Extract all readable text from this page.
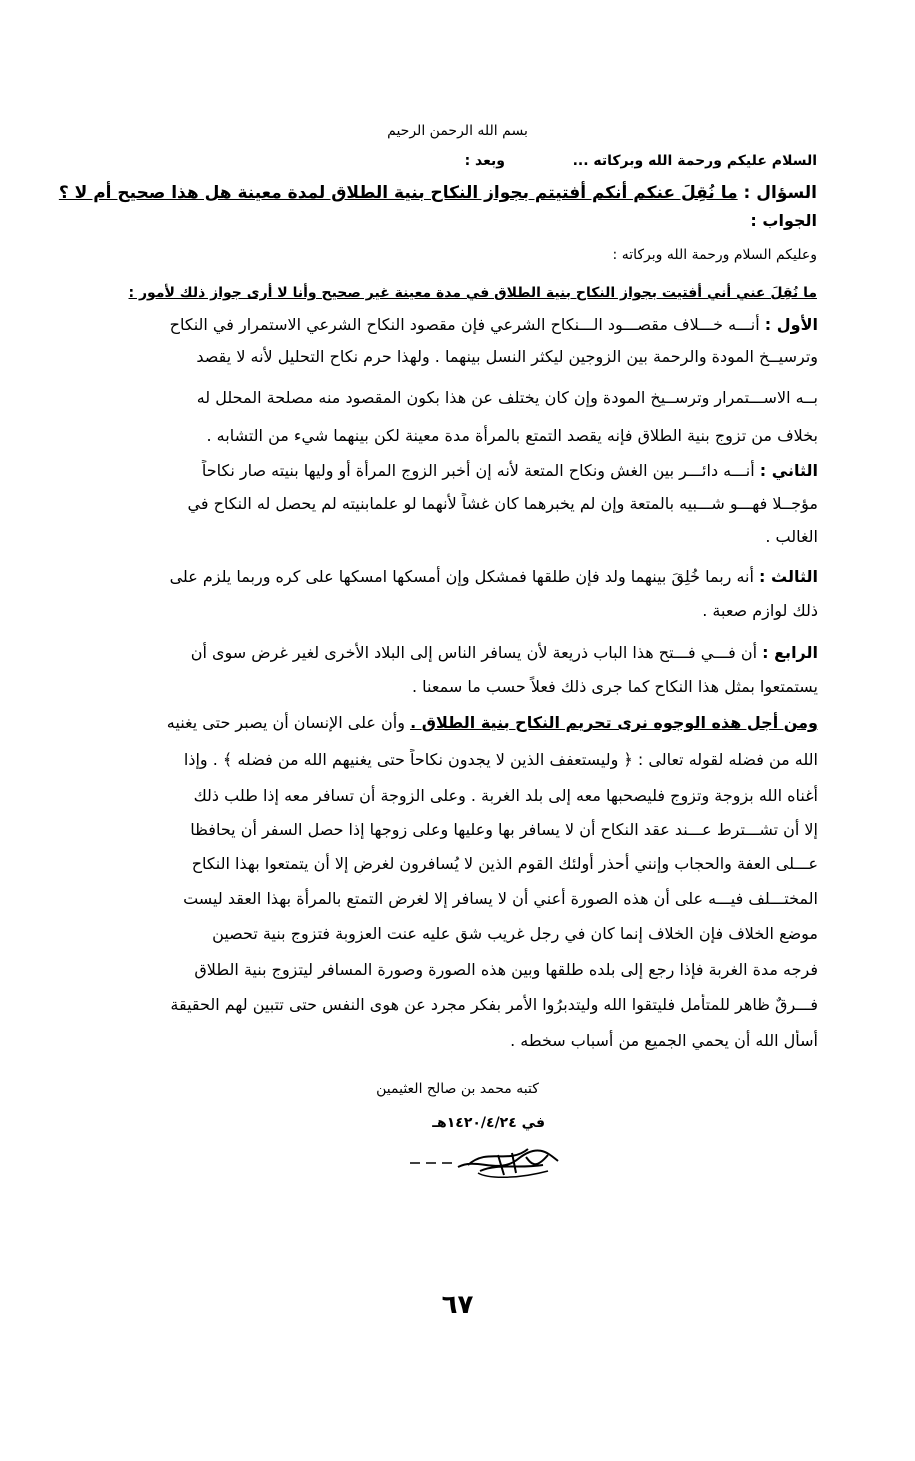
بسم الله الرحمن الرحيم
السلام عليكم ورحمة الله وبركاته ...
وبعد :
السؤال : ما نُقِلَ عنكم أنكم أفتيتم بجواز النكاح بنية الطلاق لمدة معينة هل هذا صحيح أم لا ؟
الجواب :
وعليكم السلام ورحمة الله وبركاته :
ما نُقِلَ عني أني أفتيت بجواز النكاح بنية الطلاق في مدة معينة غير صحيح وأنا لا أرى جواز ذلك لأمور :
الأول : أنـــه خـــلاف مقصـــود الـــنكاح الشرعي فإن مقصود النكاح الشرعي الاستمرار في النكاح
وترسيــخ المودة والرحمة بين الزوجين ليكثر النسل بينهما . ولهذا حرم نكاح التحليل لأنه لا يقصد
بــه الاســـتمرار وترســيخ المودة وإن كان يختلف عن هذا بكون المقصود منه مصلحة المحلل له
بخلاف من تزوج بنية الطلاق فإنه يقصد التمتع بالمرأة مدة معينة لكن بينهما شيء من التشابه .
الثاني : أنـــه دائـــر بين الغش ونكاح المتعة لأنه إن أخبر الزوج المرأة أو وليها بنيته صار نكاحاً
مؤجــلا فهـــو شـــبيه بالمتعة وإن لم يخبرهما كان غشاً لأنهما لو علمابنيته لم يحصل له النكاح في
الغالب .
الثالث : أنه ربما خُلِقَ بينهما ولد فإن طلقها فمشكل وإن أمسكها امسكها على كره وربما يلزم على
ذلك لوازم صعبة .
الرابع : أن فـــي فـــتح هذا الباب ذريعة لأن يسافر الناس إلى البلاد الأخرى لغير غرض سوى أن
يستمتعوا بمثل هذا النكاح كما جرى ذلك فعلاً حسب ما سمعنا .
ومن أجل هذه الوجوه نرى تحريم النكاح بنية الطلاق . وأن على الإنسان أن يصبر حتى يغنيه
الله من فضله لقوله تعالى : ﴿ وليستعفف الذين لا يجدون نكاحاً حتى يغنيهم الله من فضله ﴾ . وإذا
أغناه الله بزوجة وتزوج فليصحبها معه إلى بلد الغربة . وعلى الزوجة أن تسافر معه إذا طلب ذلك
إلا أن تشـــترط عـــند عقد النكاح أن لا يسافر بها وعليها وعلى زوجها إذا حصل السفر أن يحافظا
عـــلى العفة والحجاب وإنني أحذر أولئك القوم الذين لا يُسافرون لغرضٍ إلا أن يتمتعوا بهذا النكاح
المختـــلف فيـــه على أن هذه الصورة أعني أن لا يسافر إلا لغرض التمتع بالمرأة بهذا العقد ليست
موضع الخلاف فإن الخلاف إنما كان في رجل غريب شق عليه عنت العزوبة فتزوج بنية تحصين
فرجه مدة الغربة فإذا رجع إلى بلده طلقها وبين هذه الصورة وصورة المسافر ليتزوج بنية الطلاق
فـــرقٌ ظاهر للمتأمل فليتقوا الله وليتدبرُوا الأمر بفكر مجرد عن هوى النفس حتى تتبين لهم الحقيقة
أسأل الله أن يحمي الجميع من أسباب سخطه .
كتبه محمد بن صالح العثيمين
في ١٤٢٠/٤/٢٤هـ
٦٧
